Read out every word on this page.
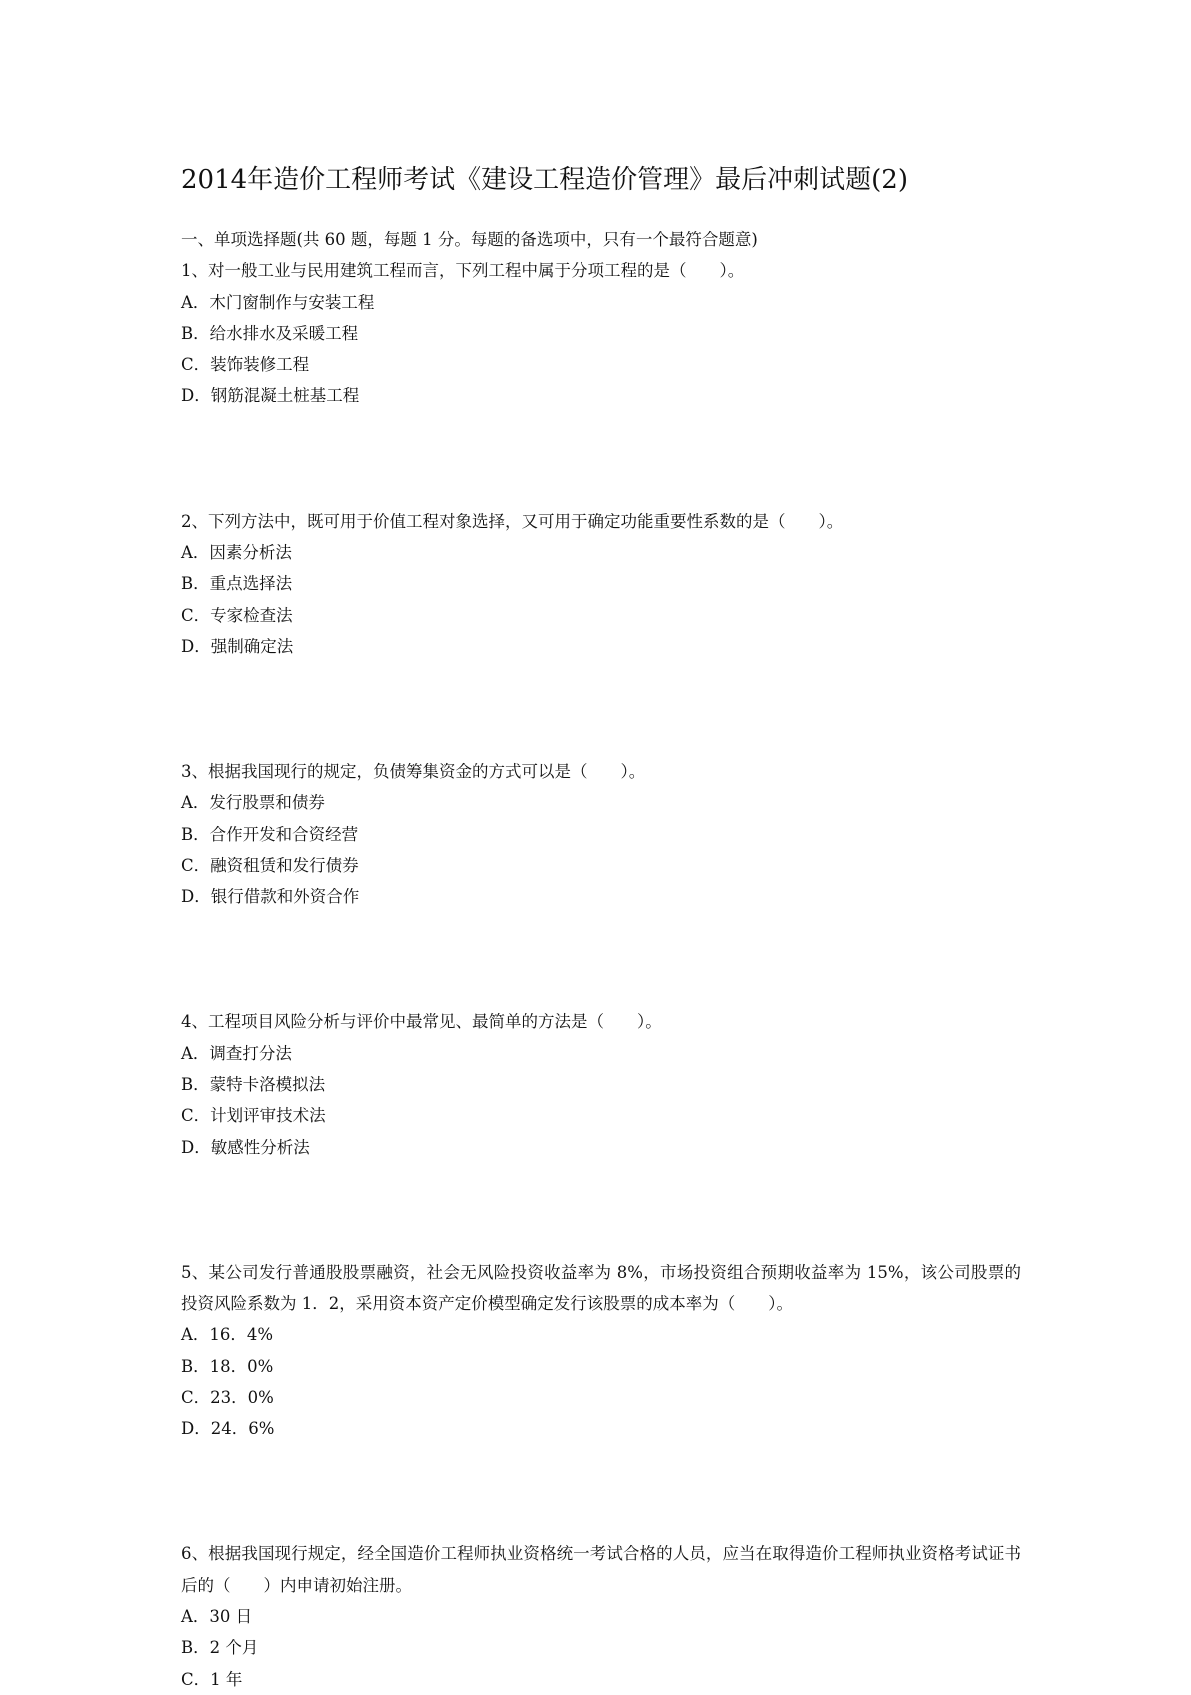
2014年造价工程师考试《建设工程造价管理》最后冲刺试题(2)
一、单项选择题(共 60 题，每题 1 分。每题的备选项中，只有一个最符合题意)
1、对一般工业与民用建筑工程而言，下列工程中属于分项工程的是（　　）。
A．木门窗制作与安装工程
B．给水排水及采暖工程
C．装饰装修工程
D．钢筋混凝土桩基工程
2、下列方法中，既可用于价值工程对象选择，又可用于确定功能重要性系数的是（　　）。
A．因素分析法
B．重点选择法
C．专家检查法
D．强制确定法
3、根据我国现行的规定，负债筹集资金的方式可以是（　　）。
A．发行股票和债券
B．合作开发和合资经营
C．融资租赁和发行债券
D．银行借款和外资合作
4、工程项目风险分析与评价中最常见、最简单的方法是（　　）。
A．调查打分法
B．蒙特卡洛模拟法
C．计划评审技术法
D．敏感性分析法
5、某公司发行普通股股票融资，社会无风险投资收益率为 8%，市场投资组合预期收益率为 15%，该公司股票的投资风险系数为 1．2，采用资本资产定价模型确定发行该股票的成本率为（　　）。
A．16．4%
B．18．0%
C．23．0%
D．24．6%
6、根据我国现行规定，经全国造价工程师执业资格统一考试合格的人员，应当在取得造价工程师执业资格考试证书后的（　　）内申请初始注册。
A．30 日
B．2 个月
C．1 年
